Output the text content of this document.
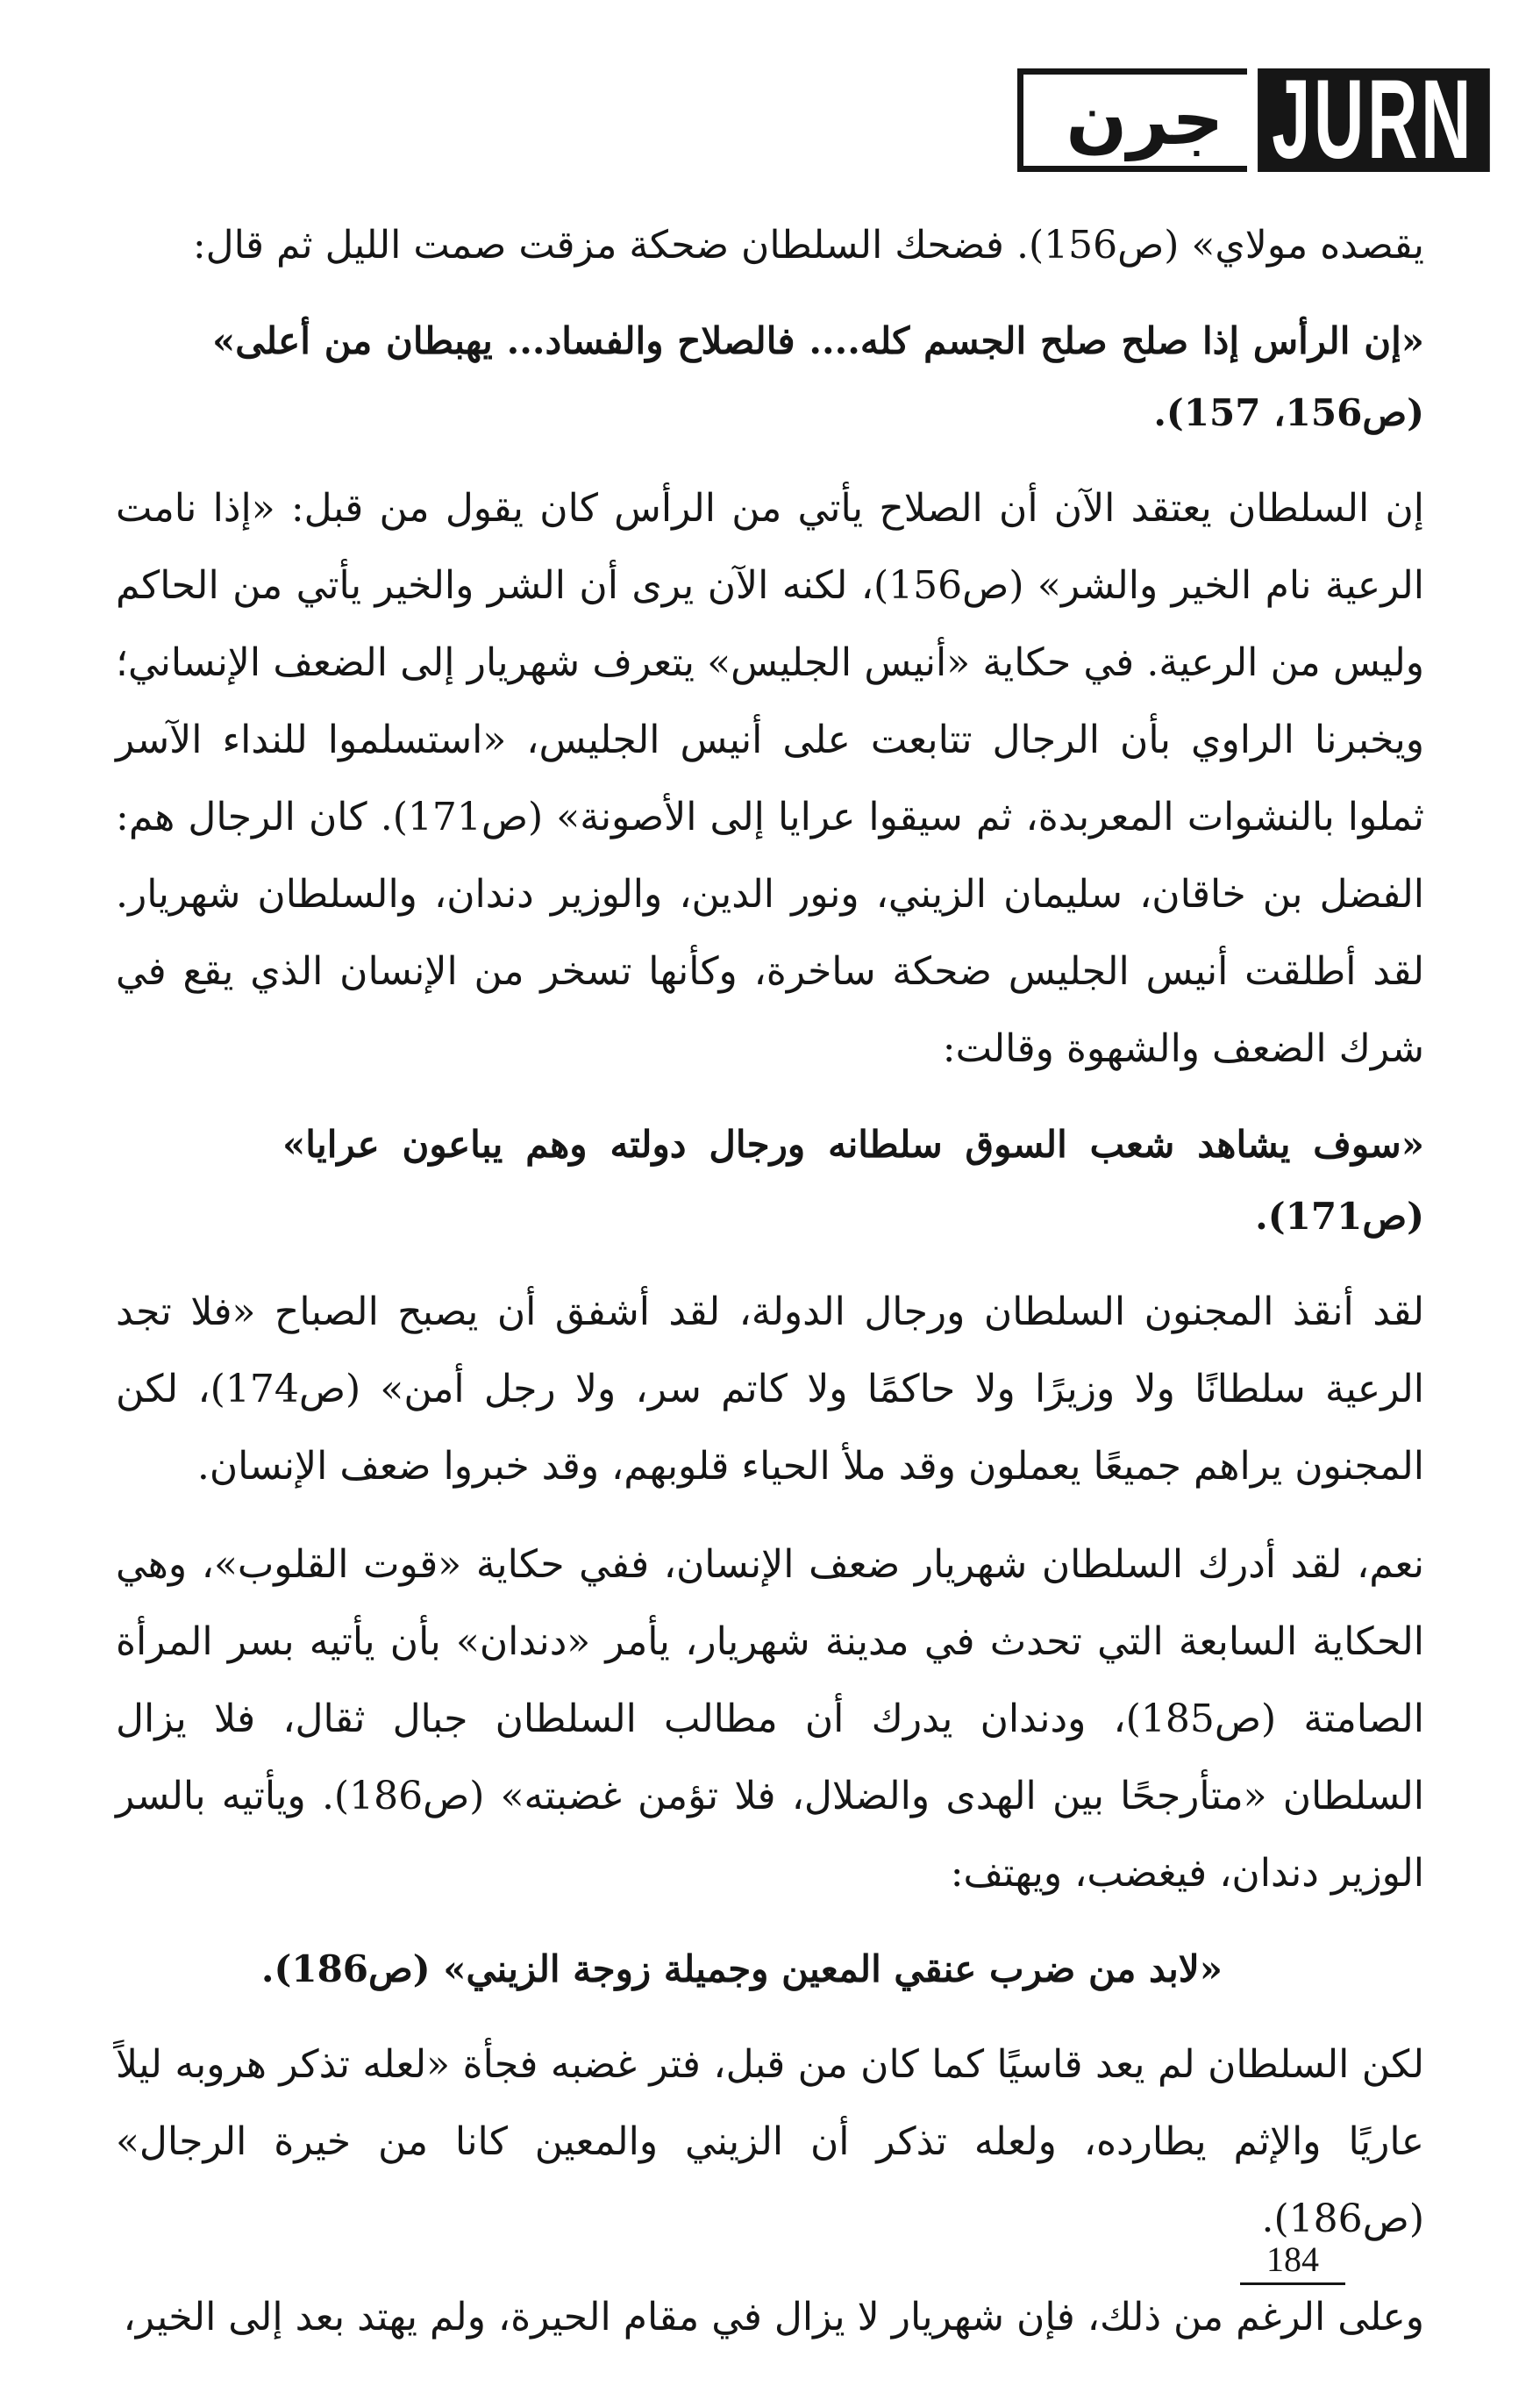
جرن JURN

يقصده مولاي» (ص156). فضحك السلطان ضحكة مزقت صمت الليل ثم قال:

«إن الرأس إذا صلح صلح الجسم كله.... فالصلاح والفساد... يهبطان من أعلى» (ص156، 157).

إن السلطان يعتقد الآن أن الصلاح يأتي من الرأس كان يقول من قبل: «إذا نامت الرعية نام الخير والشر» (ص156)، لكنه الآن يرى أن الشر والخير يأتي من الحاكم وليس من الرعية. في حكاية «أنيس الجليس» يتعرف شهريار إلى الضعف الإنساني؛ ويخبرنا الراوي بأن الرجال تتابعت على أنيس الجليس، «استسلموا للنداء الآسر ثملوا بالنشوات المعربدة، ثم سيقوا عرايا إلى الأصونة» (ص171). كان الرجال هم: الفضل بن خاقان، سليمان الزيني، ونور الدين، والوزير دندان، والسلطان شهريار. لقد أطلقت أنيس الجليس ضحكة ساخرة، وكأنها تسخر من الإنسان الذي يقع في شرك الضعف والشهوة وقالت:

«سوف يشاهد شعب السوق سلطانه ورجال دولته وهم يباعون عرايا» (ص171).

لقد أنقذ المجنون السلطان ورجال الدولة، لقد أشفق أن يصبح الصباح «فلا تجد الرعية سلطانًا ولا وزيرًا ولا حاكمًا ولا كاتم سر، ولا رجل أمن» (ص174)، لكن المجنون يراهم جميعًا يعملون وقد ملأ الحياء قلوبهم، وقد خبروا ضعف الإنسان.

نعم، لقد أدرك السلطان شهريار ضعف الإنسان، ففي حكاية «قوت القلوب»، وهي الحكاية السابعة التي تحدث في مدينة شهريار، يأمر «دندان» بأن يأتيه بسر المرأة الصامتة (ص185)، ودندان يدرك أن مطالب السلطان جبال ثقال، فلا يزال السلطان «متأرجحًا بين الهدى والضلال، فلا تؤمن غضبته» (ص186). ويأتيه بالسر الوزير دندان، فيغضب، ويهتف:

«لابد من ضرب عنقي المعين وجميلة زوجة الزيني» (ص186).

لكن السلطان لم يعد قاسيًا كما كان من قبل، فتر غضبه فجأة «لعله تذكر هروبه ليلاً عاريًا والإثم يطارده، ولعله تذكر أن الزيني والمعين كانا من خيرة الرجال» (ص186).

وعلى الرغم من ذلك، فإن شهريار لا يزال في مقام الحيرة، ولم يهتد بعد إلى الخير،

184
